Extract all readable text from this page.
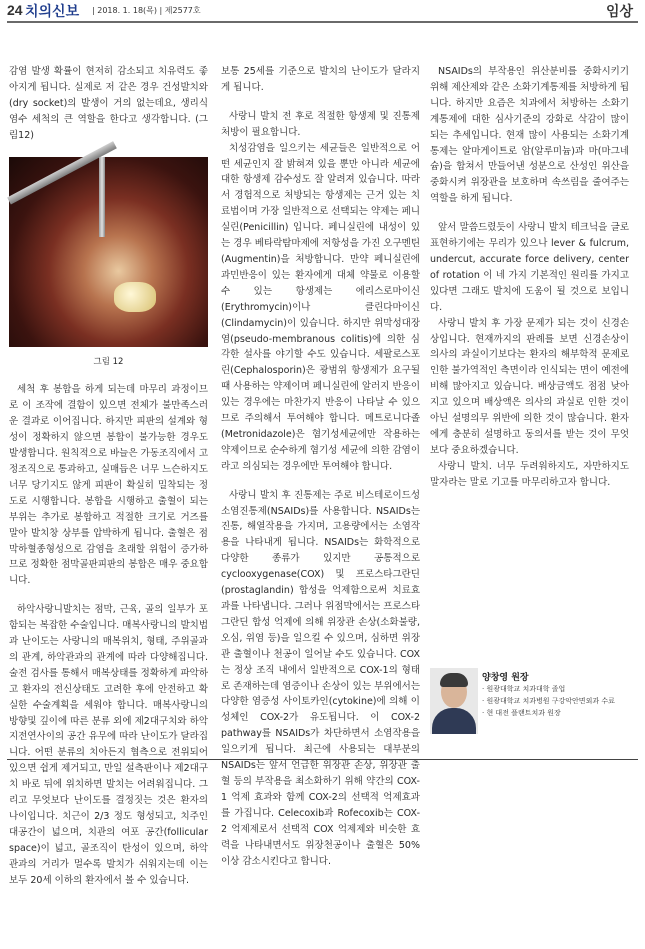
24 치의신보 | 2018. 1. 18(목) | 제2577호	임상

감염 발생 확률이 현저히 감소되고 치유력도 좋아지게 됩니다. 실제로 저 같은 경우 건성발치와(dry socket)의 발생이 거의 없는데요, 생리식염수 세척의 큰 역할을 한다고 생각합니다. (그림12)

그림 12

세척 후 봉합을 하게 되는데 마무리 과정이므로 이 조작에 결함이 있으면 전체가 불만족스러운 결과로 이어집니다. 하지만 피판의 설계와 형성이 정확하지 않으면 봉합이 불가능한 경우도 발생합니다. 원칙적으로 바늘은 가동조직에서 고정조직으로 통과하고, 실매듭은 너무 느슨하지도 너무 당기지도 않게 피판이 확실히 밀착되는 정도로 시행합니다. 봉합을 시행하고 출혈이 되는 부위는 추가로 봉합하고 적절한 크기로 거즈를 말아 발치창 상부를 압박하게 됩니다. 출혈은 점막하혈종형성으로 감염을 초래할 위험이 증가하므로 정확한 점막골판피판의 봉합은 매우 중요합니다.

하악사랑니발치는 점막, 근육, 골의 일부가 포함되는 복잡한 수술입니다. 매복사랑니의 발치법과 난이도는 사랑니의 매복위치, 형태, 주위골과의 관계, 하악관과의 관계에 따라 다양해집니다. 술전 검사를 통해서 매복상태를 정확하게 파악하고 환자의 전신상태도 고려한 후에 안전하고 확실한 수술계획을 세워야 합니다. 매복사랑니의 방향및 깊이에 따른 분류 외에 제2대구치와 하악지전연사이의 공간 유무에 따라 난이도가 달라집니다. 어떤 분류의 치아든지 협측으로 전위되어 있으면 쉽게 제거되고, 만일 설측판이나 제2대구치 바로 뒤에 위치하면 발치는 어려워집니다. 그리고 무엇보다 난이도를 결정짓는 것은 환자의 나이입니다. 치근이 2/3 정도 형성되고, 치주인대공간이 넓으며, 치관의 여포 공간(follicular space)이 넓고, 골조직이 탄성이 있으며, 하악관과의 거리가 멀수록 발치가 쉬워지는데 이는 보두 20세 이하의 환자에서 볼 수 있습니다.

보통 25세를 기준으로 발치의 난이도가 달라지게 됩니다.

사랑니 발치 전 후로 적절한 항생제 및 진통제 처방이 필요합니다.

치성감염을 일으키는 세균들은 일반적으로 어떤 세균인지 잘 밝혀져 있을 뿐만 아니라 세균에 대한 항생제 감수성도 잘 알려져 있습니다. 따라서 경험적으로 처방되는 항생제는 근거 있는 치료법이며 가장 일반적으로 선택되는 약제는 페니실린(Penicillin) 입니다. 페니실린에 내성이 있는 경우 베타락탐마제에 저항성을 가진 오구멘틴(Augmentin)을 처방합니다. 만약 페니실린에 과민반응이 있는 환자에게 대체 약물로 이용할 수 있는 항생제는 에리스로마이신(Erythromycin)이나 클린다마이신(Clindamycin)이 있습니다. 하지만 위막성대장염(pseudo-membranous colitis)에 의한 심각한 설사를 야기할 수도 있습니다. 세팔로스포린(Cephalosporin)은 광범위 항생제가 요구될 때 사용하는 약제이며 페니실린에 알러지 반응이 있는 경우에는 마찬가지 반응이 나타날 수 있으므로 주의해서 투여해야 합니다. 메트로니다졸(Metronidazole)은 혐기성세균에만 작용하는 약제이므로 순수하게 혐기성 세균에 의한 감염이라고 의심되는 경우에만 투여해야 합니다.

사랑니 발치 후 진통제는 주로 비스테로이드성소염진통제(NSAIDs)를 사용합니다. NSAIDs는 진통, 해열작용을 가지며, 고용량에서는 소염작용을 나타내게 됩니다. NSAIDs는 화학적으로 다양한 종류가 있지만 공통적으로 cyclooxygenase(COX) 및 프로스타그란딘(prostaglandin) 합성을 억제함으로써 치료효과를 나타냅니다. 그러나 위점막에서는 프로스타그란딘 합성 억제에 의해 위장관 손상(소화불량, 오심, 위염 등)을 일으킬 수 있으며, 심하면 위장관 출혈이나 천공이 일어날 수도 있습니다. COX는 정상 조직 내에서 일반적으로 COX-1의 형태로 존재하는데 염증이나 손상이 있는 부위에서는 다양한 염증성 사이토카인(cytokine)에 의해 이성체인 COX-2가 유도됩니다. 이 COX-2 pathway를 NSAIDs가 차단하면서 소염작용을 일으키게 됩니다. 최근에 사용되는 대부분의 NSAIDs는 앞서 언급한 위장관 손상, 위장관 출혈 등의 부작용을 최소화하기 위해 약간의 COX-1 억제 효과와 함께 COX-2의 선택적 억제효과를 가집니다. Celecoxib과 Rofecoxib는 COX-2 억제제로서 선택적 COX 억제제와 비슷한 효력을 나타내면서도 위장천공이나 출혈은 50% 이상 감소시킨다고 합니다.

NSAIDs의 부작용인 위산분비를 중화시키기 위해 제산제와 같은 소화기계통제를 처방하게 됩니다. 하지만 요즘은 치과에서 처방하는 소화기계통제에 대한 심사기준의 강화로 삭감이 많이 되는 추세입니다. 현재 많이 사용되는 소화기계통제는 알마게이트로 암(알루미늄)과 마(마그네슘)을 합쳐서 만들어낸 성분으로 산성인 위산을 중화시켜 위장관을 보호하며 속쓰림을 줄여주는 역할을 하게 됩니다.

앞서 말씀드렸듯이 사랑니 발치 테크닉을 글로 표현하기에는 무리가 있으나 lever & fulcrum, undercut, accurate force delivery, center of rotation 이 네 가지 기본적인 원리를 가지고 있다면 그래도 발치에 도움이 될 것으로 보입니다.

사랑니 발치 후 가장 문제가 되는 것이 신경손상입니다. 현재까지의 판례를 보면 신경손상이 의사의 과실이기보다는 환자의 해부학적 문제로 인한 불가역적인 측면이라 인식되는 면이 예전에 비해 많아지고 있습니다. 배상금액도 점점 낮아지고 있으며 배상액은 의사의 과실로 인한 것이 아닌 설명의무 위반에 의한 것이 많습니다. 환자에게 충분히 설명하고 동의서를 받는 것이 무엇보다 중요하겠습니다.

사랑니 발치. 너무 두려워하지도, 자만하지도 말자라는 말로 기고를 마무리하고자 합니다.

양창영 원장
· 원광대학교 치과대학 졸업
· 원광대학교 치과병원 구강악안면외과 수료
· 현 대전 플랜트치과 원장
